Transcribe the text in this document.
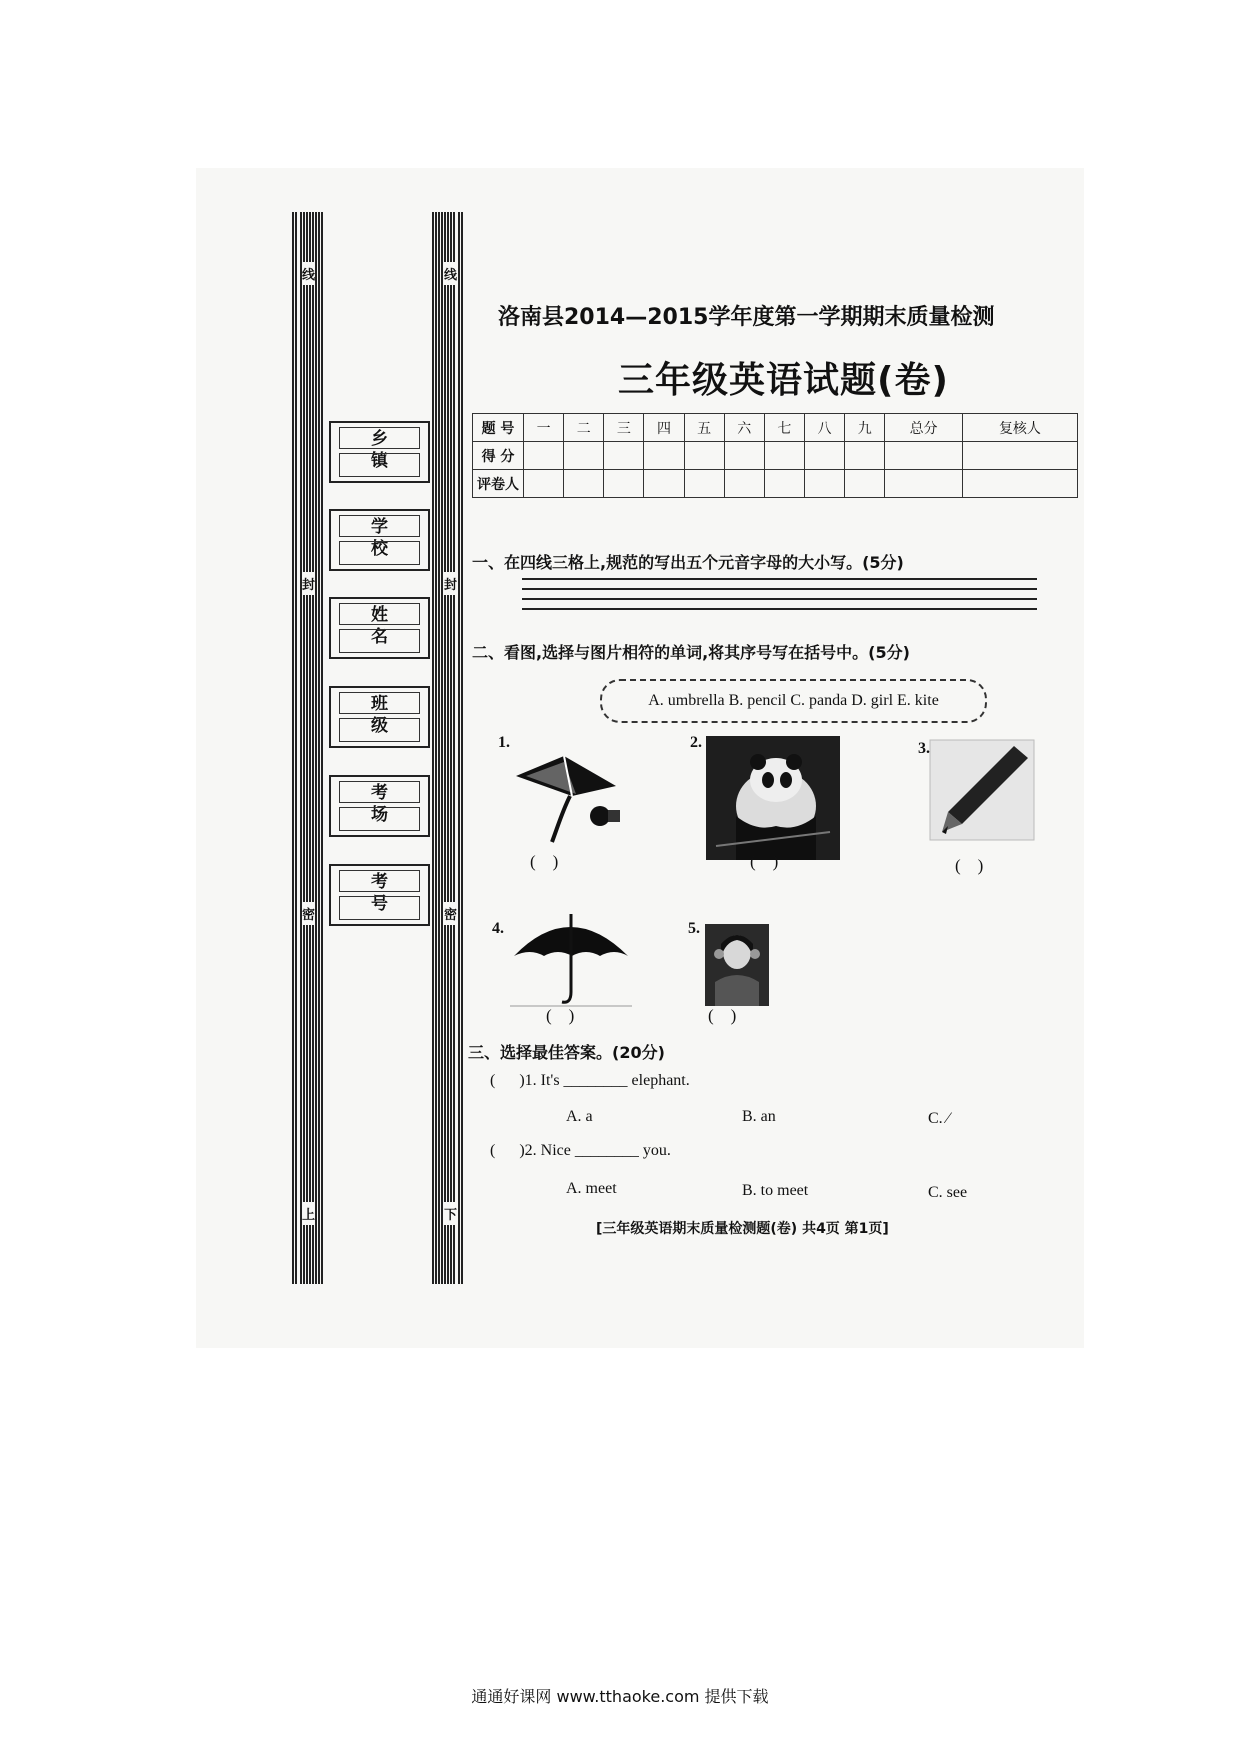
线
封
密
上
线
封
密
下
乡镇
学校
姓名
班级
考场
考号
洛南县2014—2015学年度第一学期期末质量检测
三年级英语试题(卷)
题 号	一	二	三	四	五	六	七	八	九	总分	复核人
得 分											
评卷人											
一、在四线三格上,规范的写出五个元音字母的大小写。(5分)
二、看图,选择与图片相符的单词,将其序号写在括号中。(5分)
A. umbrella B. pencil C. panda D. girl E. kite
1.	2.	3.
4.	5.
(    )	(    )	(    )
(    )	(    )
三、选择最佳答案。(20分)
(      )1. It's ________ elephant.
A. a	B. an	C. ⁄
(      )2. Nice ________ you.
A. meet	B. to meet	C. see
[三年级英语期末质量检测题(卷) 共4页 第1页]
通通好课网 www.tthaoke.com 提供下载
